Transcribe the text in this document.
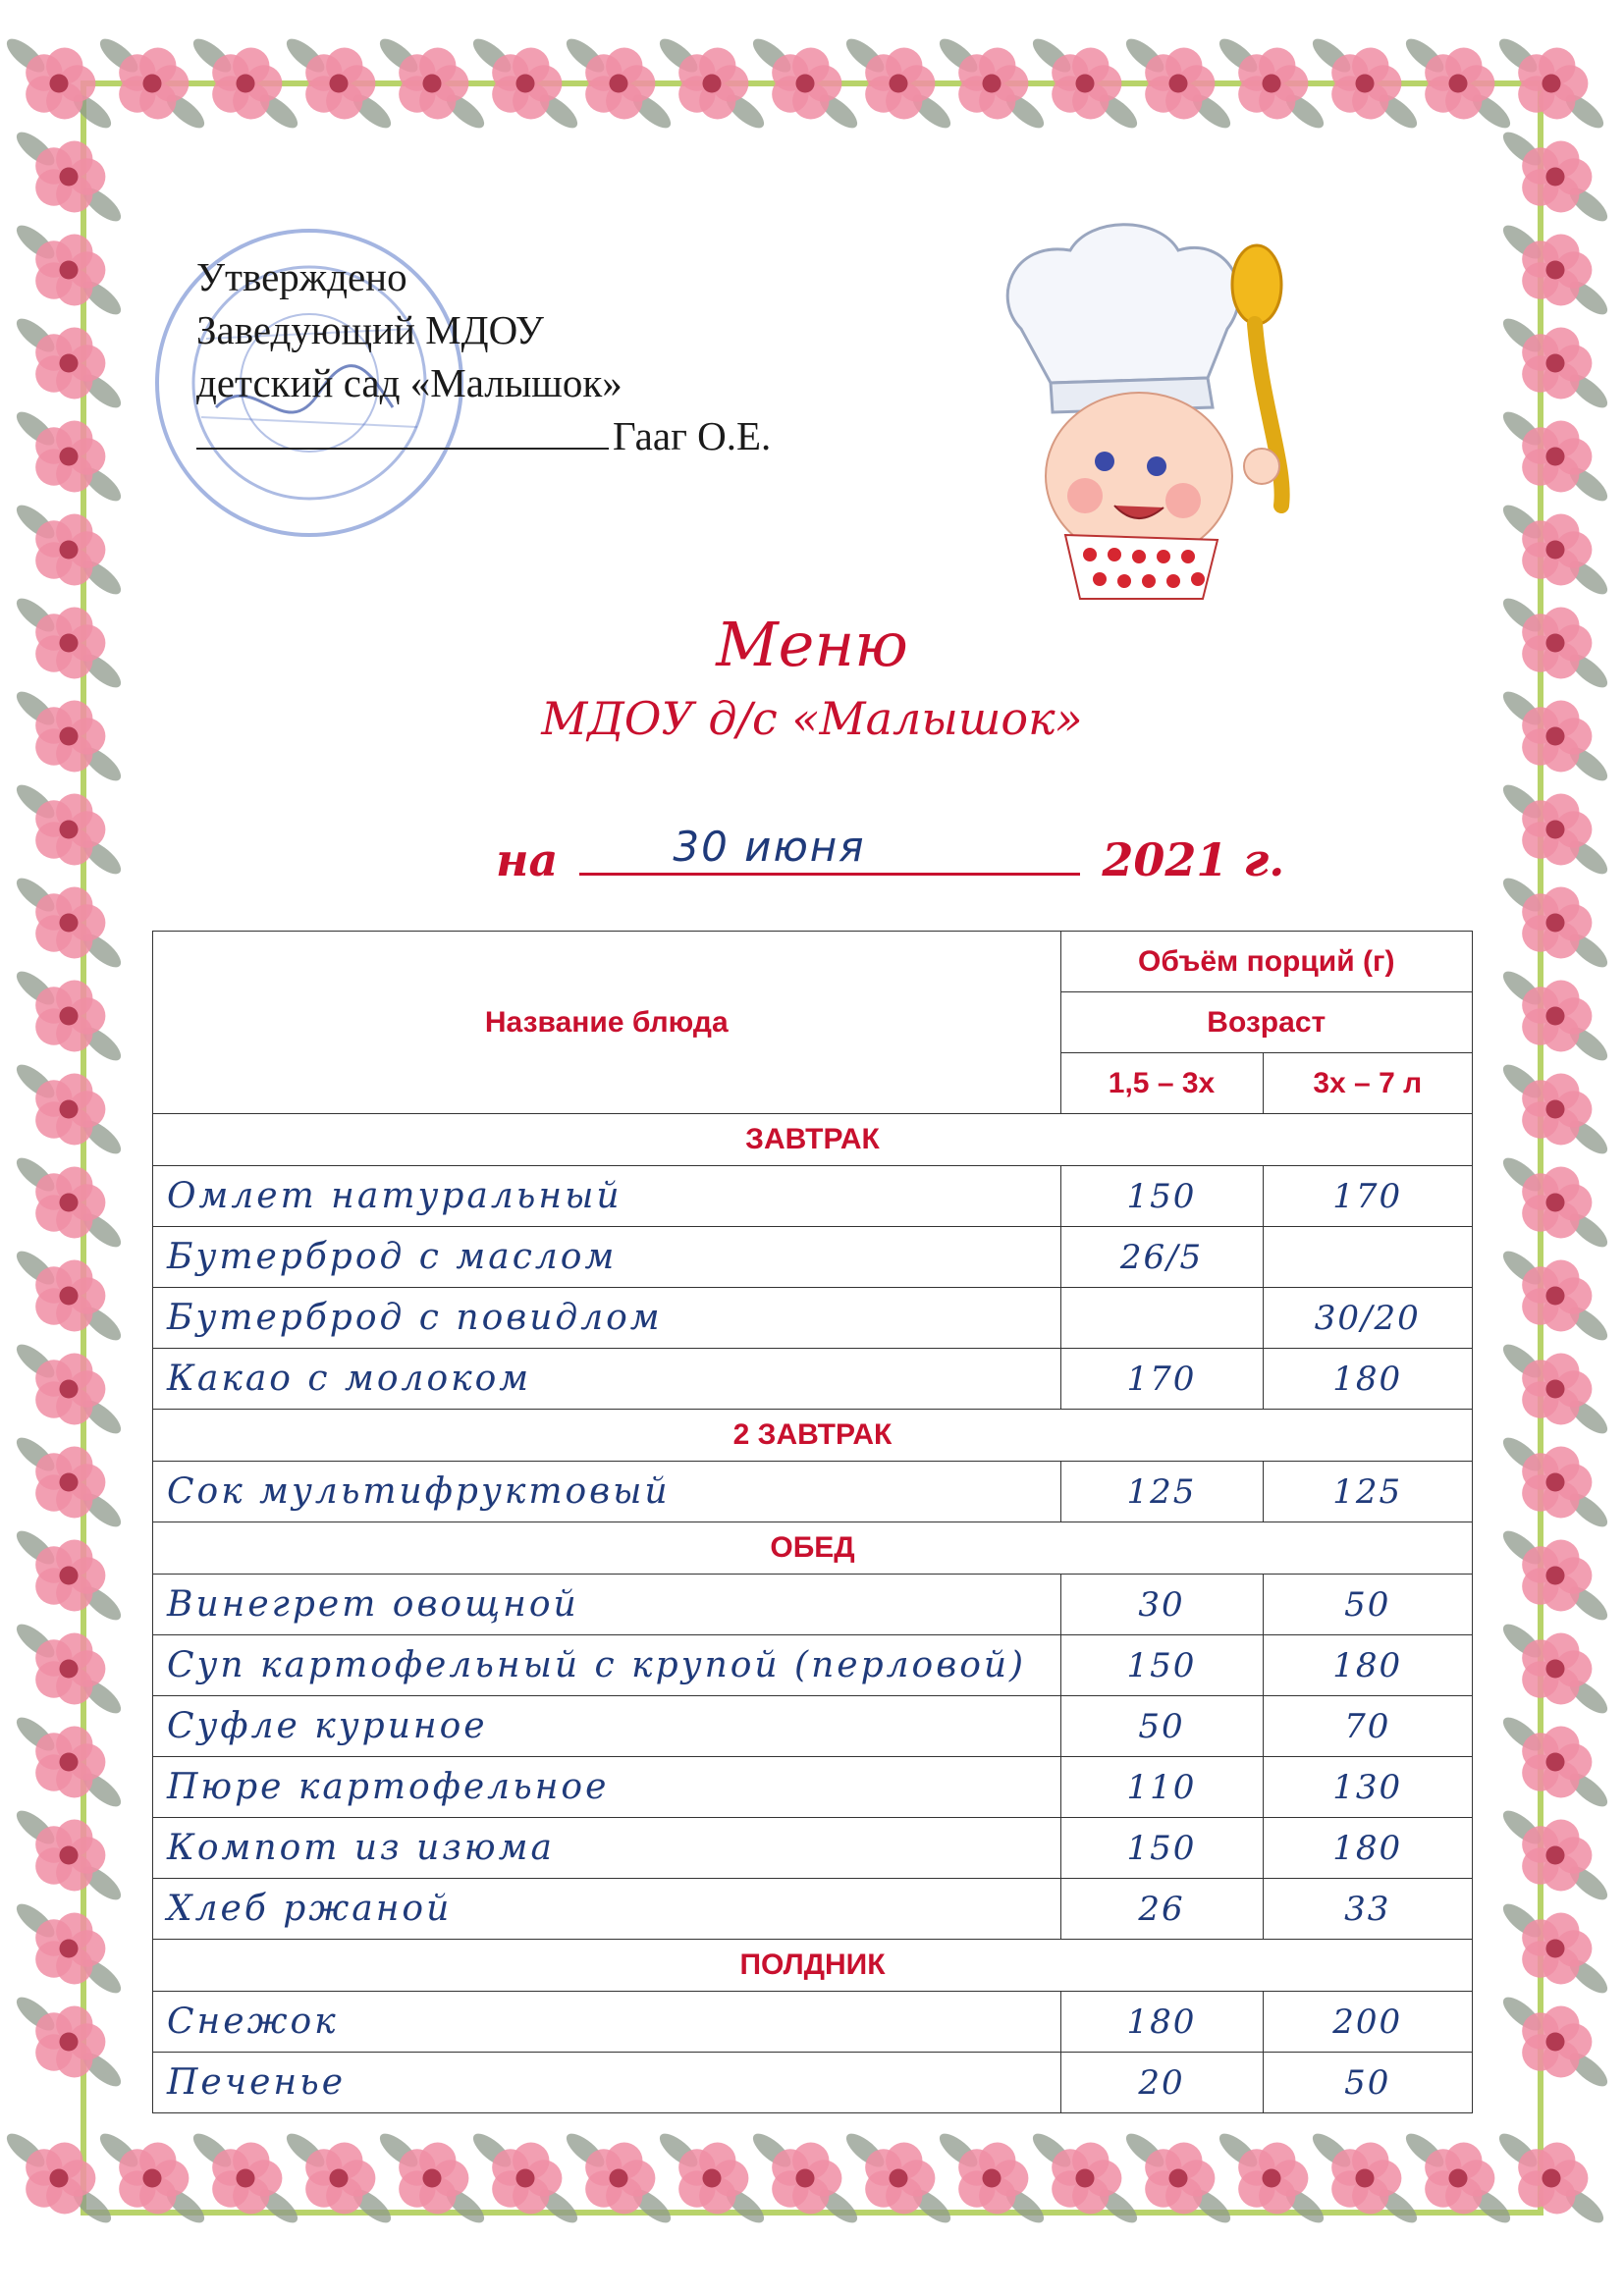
Утверждено
Заведующий МДОУ
детский сад «Малышок»
Гааг О.Е.
Меню
МДОУ д/с «Малышок»
на	30 июня	2021 г.
Название блюда	Объём порций (г)	
	Возраст	
	1,5 – 3х	3х – 7 л
ЗАВТРАК		
Омлет натуральный	150	170
Бутерброд с маслом	26/5	
Бутерброд с повидлом		30/20
Какао с молоком	170	180
2 ЗАВТРАК		
Сок мультифруктовый	125	125
ОБЕД		
Винегрет овощной	30	50
Суп картофельный с крупой (перловой)	150	180
Суфле куриное	50	70
Пюре картофельное	110	130
Компот из изюма	150	180
Хлеб ржаной	26	33
ПОЛДНИК		
Снежок	180	200
Печенье	20	50
